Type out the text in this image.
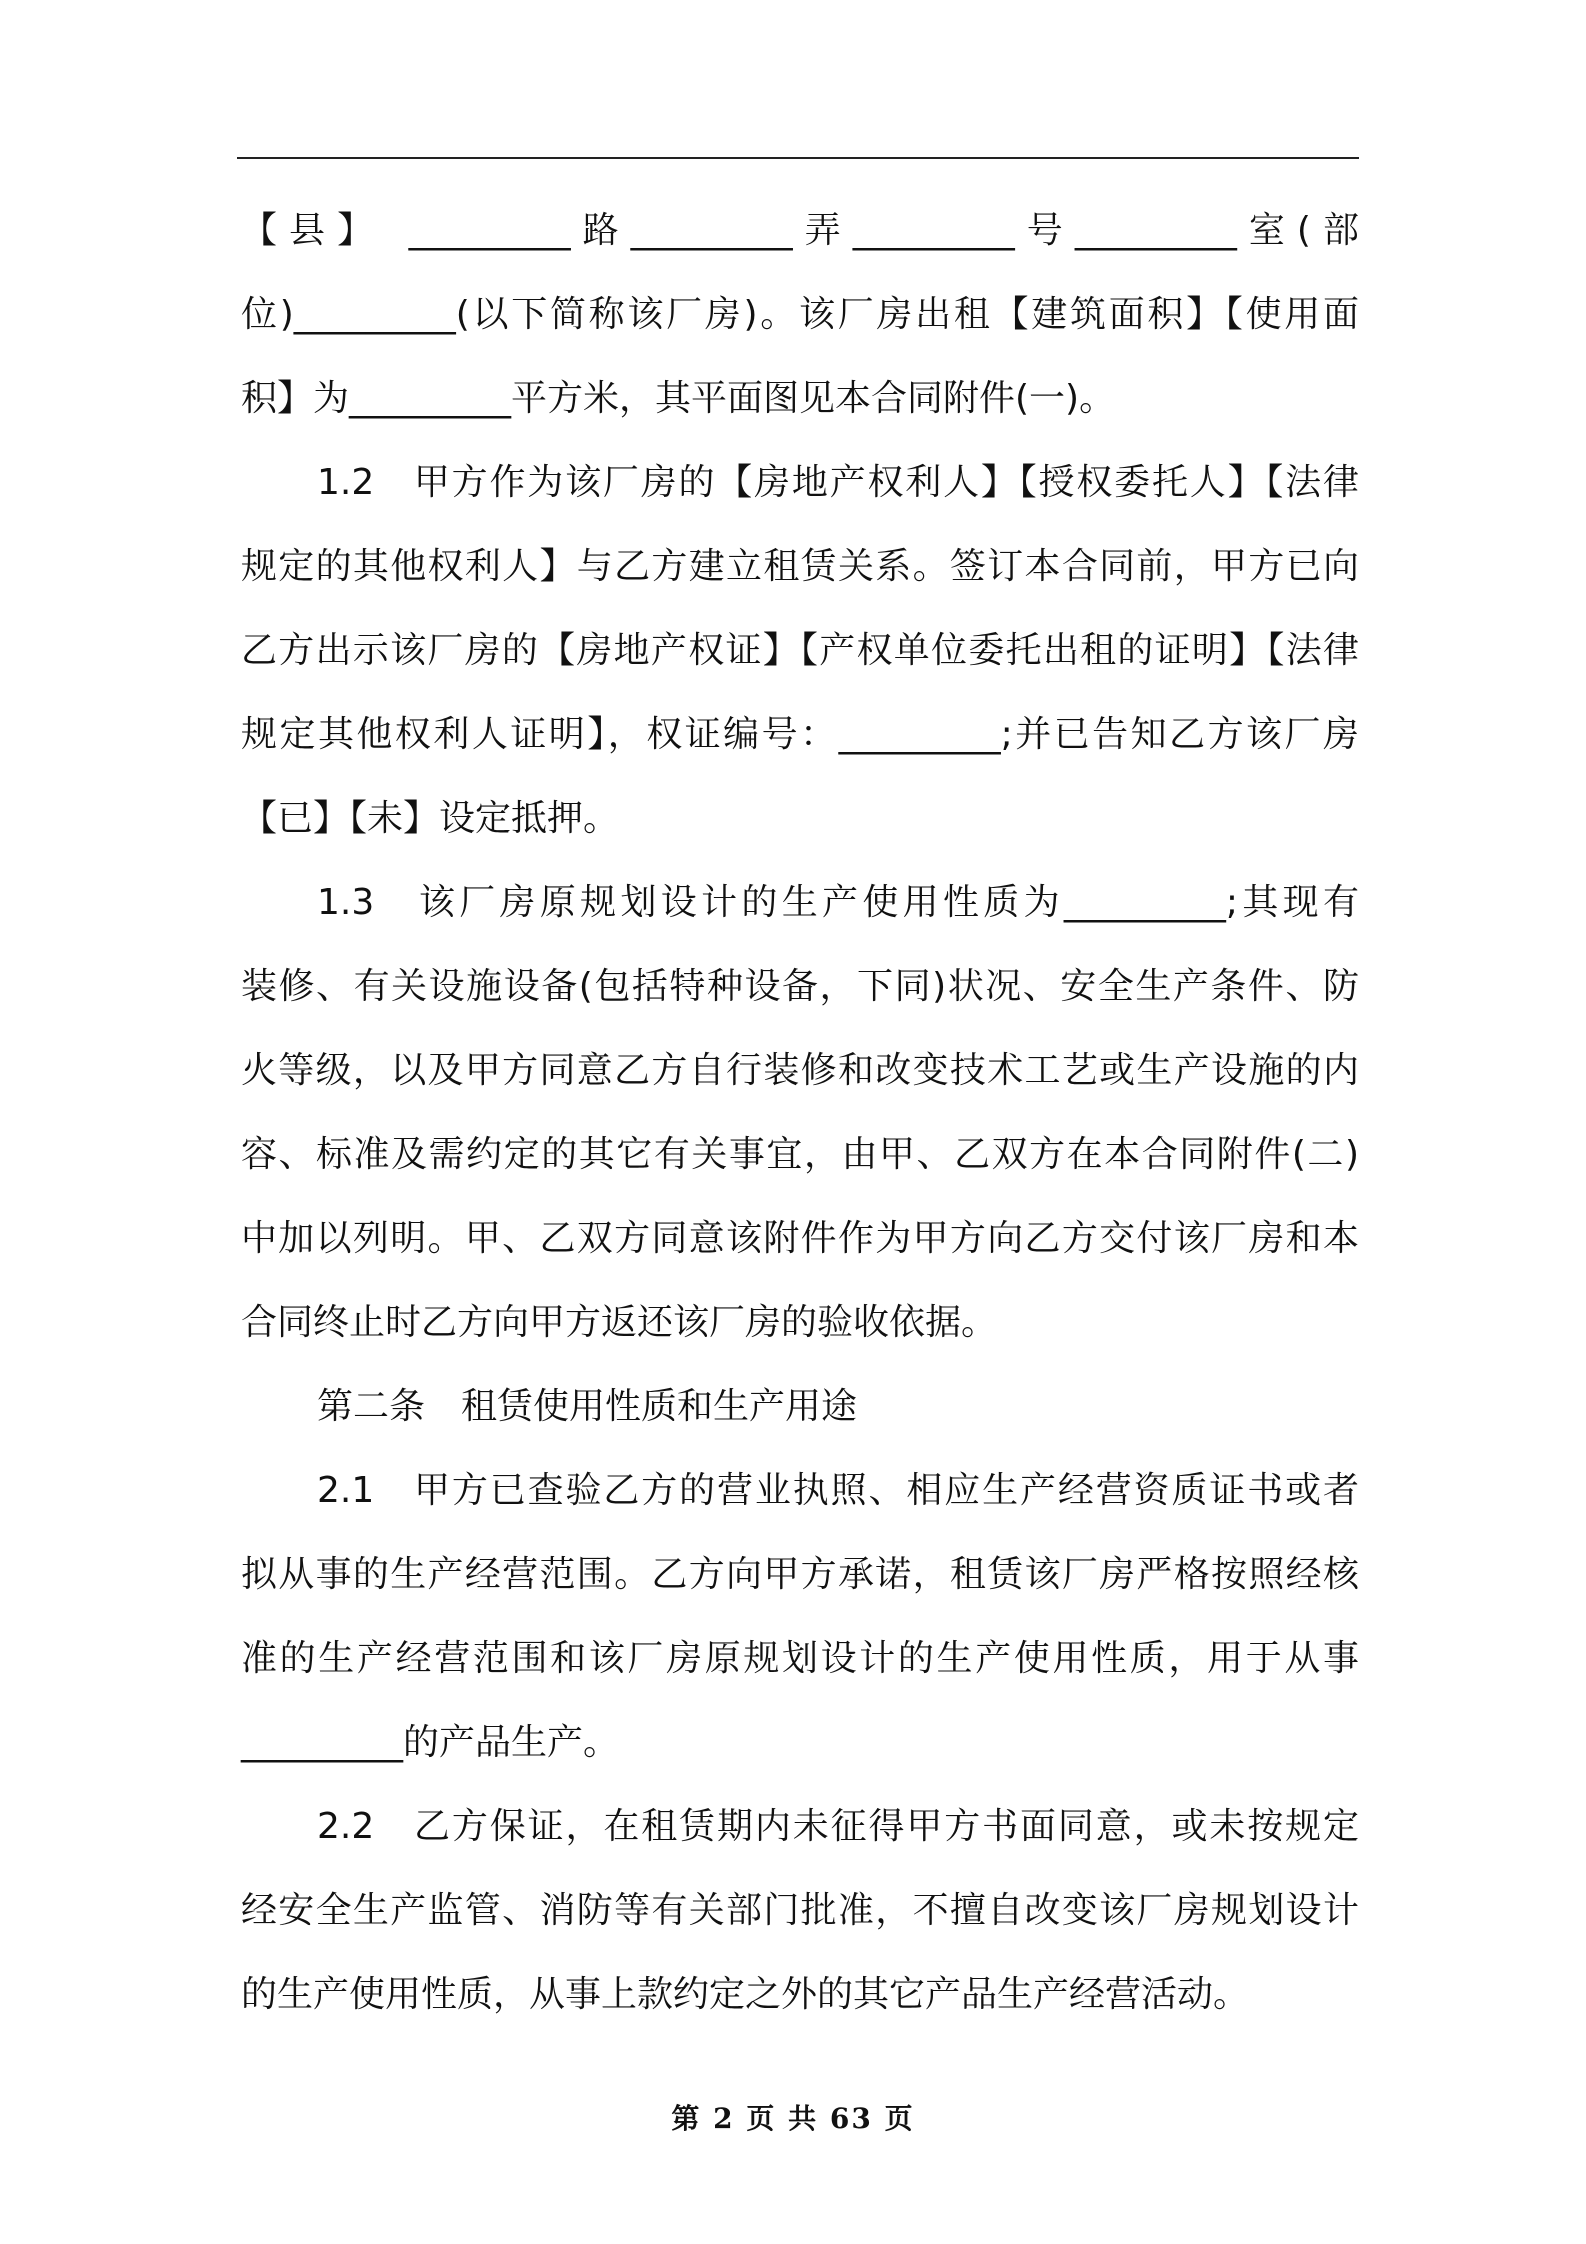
【县】 _________路_________弄_________号_________室(部
位)_________(以下简称该厂房)。该厂房出租【建筑面积】【使用面
积】为_________平方米，其平面图见本合同附件(一)。
1.2　甲方作为该厂房的【房地产权利人】【授权委托人】【法律
规定的其他权利人】与乙方建立租赁关系。签订本合同前，甲方已向
乙方出示该厂房的【房地产权证】【产权单位委托出租的证明】【法律
规定其他权利人证明】，权证编号：_________;并已告知乙方该厂房
【已】【未】设定抵押。
1.3　该厂房原规划设计的生产使用性质为_________;其现有
装修、有关设施设备(包括特种设备，下同)状况、安全生产条件、防
火等级，以及甲方同意乙方自行装修和改变技术工艺或生产设施的内
容、标准及需约定的其它有关事宜，由甲、乙双方在本合同附件(二)
中加以列明。甲、乙双方同意该附件作为甲方向乙方交付该厂房和本
合同终止时乙方向甲方返还该厂房的验收依据。
第二条　租赁使用性质和生产用途
2.1　甲方已查验乙方的营业执照、相应生产经营资质证书或者
拟从事的生产经营范围。乙方向甲方承诺，租赁该厂房严格按照经核
准的生产经营范围和该厂房原规划设计的生产使用性质，用于从事
_________的产品生产。
2.2　乙方保证，在租赁期内未征得甲方书面同意，或未按规定
经安全生产监管、消防等有关部门批准，不擅自改变该厂房规划设计
的生产使用性质，从事上款约定之外的其它产品生产经营活动。
第 2 页 共 63 页
